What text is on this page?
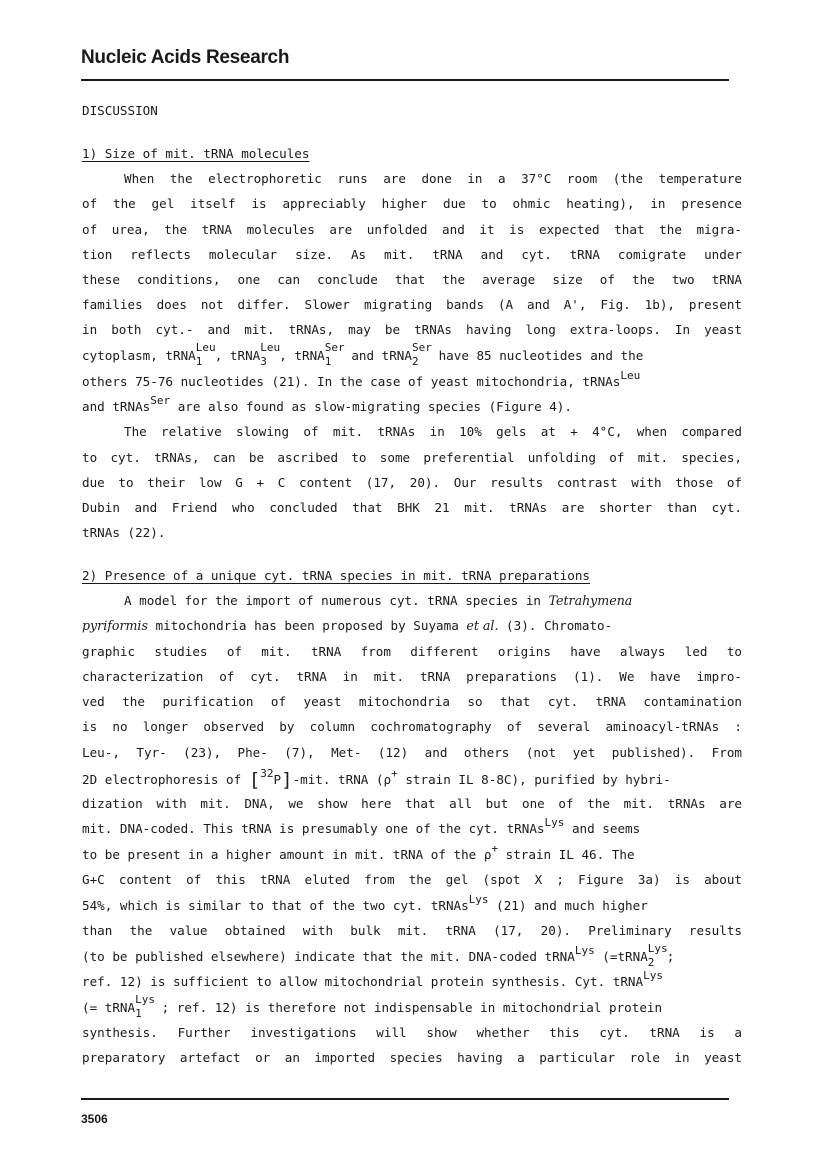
Nucleic Acids Research
DISCUSSION
1) Size of mit. tRNA molecules
When the electrophoretic runs are done in a 37°C room (the temperature
of the gel itself is appreciably higher due to ohmic heating), in presence
of urea, the tRNA molecules are unfolded and it is expected that the migra-
tion reflects molecular size. As mit. tRNA and cyt. tRNA comigrate under
these conditions, one can conclude that the average size of the two tRNA
families does not differ. Slower migrating bands (A and A', Fig. 1b), present
in both cyt.- and mit. tRNAs, may be tRNAs having long extra-loops. In yeast
cytoplasm, tRNA
Leu
1 , tRNA
Leu
3 , tRNA
Ser
1 and tRNA
Ser
2 have 85 nucleotides and the
others 75-76 nucleotides (21). In the case of yeast mitochondria, tRNAsLeu
and tRNAsSer are also found as slow-migrating species (Figure 4).
The relative slowing of mit. tRNAs in 10% gels at + 4°C, when compared
to cyt. tRNAs, can be ascribed to some preferential unfolding of mit. species,
due to their low G + C content (17, 20). Our results contrast with those of
Dubin and Friend who concluded that BHK 21 mit. tRNAs are shorter than cyt.
tRNAs (22).
2) Presence of a unique cyt. tRNA species in mit. tRNA preparations
A model for the import of numerous cyt. tRNA species in Tetrahymena
pyriformis mitochondria has been proposed by Suyama et al. (3). Chromato-
graphic studies of mit. tRNA from different origins have always led to
characterization of cyt. tRNA in mit. tRNA preparations (1). We have impro-
ved the purification of yeast mitochondria so that cyt. tRNA contamination
is no longer observed by column cochromatography of several aminoacyl-tRNAs :
Leu-, Tyr- (23), Phe- (7), Met- (12) and others (not yet published). From
2D electrophoresis of [32P]-mit. tRNA (ρ+ strain IL 8-8C), purified by hybri-
dization with mit. DNA, we show here that all but one of the mit. tRNAs are
mit. DNA-coded. This tRNA is presumably one of the cyt. tRNAsLys and seems
to be present in a higher amount in mit. tRNA of the ρ+ strain IL 46. The
G+C content of this tRNA eluted from the gel (spot X ; Figure 3a) is about
54%, which is similar to that of the two cyt. tRNAsLys (21) and much higher
than the value obtained with bulk mit. tRNA (17, 20). Preliminary results
(to be published elsewhere) indicate that the mit. DNA-coded tRNALys (=tRNA
Lys
2 ;
ref. 12) is sufficient to allow mitochondrial protein synthesis. Cyt. tRNALys
(= tRNA
Lys
1 ; ref. 12) is therefore not indispensable in mitochondrial protein
synthesis. Further investigations will show whether this cyt. tRNA is a
preparatory artefact or an imported species having a particular role in yeast
3506
